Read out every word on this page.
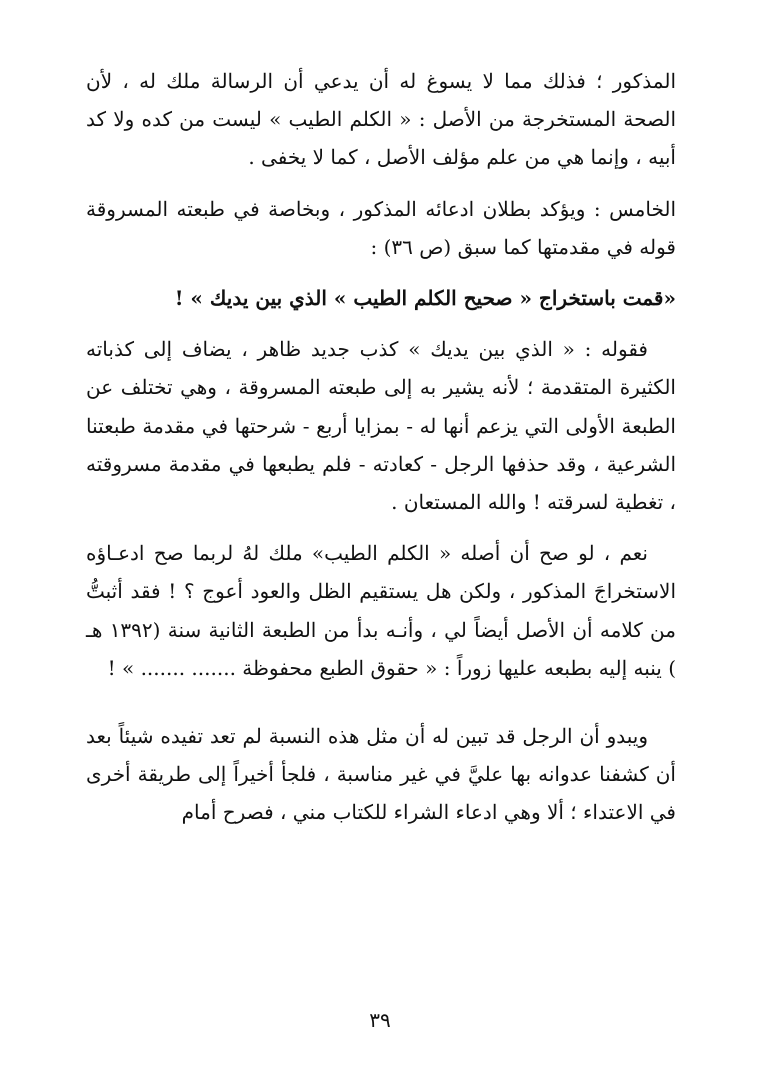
المذكور ؛ فذلك مما لا يسوغ له أن يدعي أن الرسالة ملك له ، لأن الصحة المستخرجة من الأصل : « الكلم الطيب » ليست من كده ولا كد أبيه ، وإنما هي من علم مؤلف الأصل ، كما لا يخفى .

الخامس : ويؤكد بطلان ادعائه المذكور ، وبخاصة في طبعته المسروقة قوله في مقدمتها كما سبق (ص ٣٦) :

«قمت باستخراج « صحيح الكلم الطيب » الذي بين يديك » !

فقوله : « الذي بين يديك » كذب جديد ظاهر ، يضاف إلى كذباته الكثيرة المتقدمة ؛ لأنه يشير به إلى طبعته المسروقة ، وهي تختلف عن الطبعة الأولى التي يزعم أنها له - بمزايا أربع - شرحتها في مقدمة طبعتنا الشرعية ، وقد حذفها الرجل - كعادته - فلم يطبعها في مقدمة مسروقته ، تغطية لسرقته ! والله المستعان .

نعم ، لو صح أن أصله « الكلم الطيب» ملك لهُ لربما صح ادعـاؤه الاستخراجَ المذكور ، ولكن هل يستقيم الظل والعود أعوج ؟ ! فقد أثبتُّ من كلامه أن الأصل أيضاً لي ، وأنـه بدأ من الطبعة الثانية سنة (١٣٩٢ هـ ) ينبه إليه بطبعه عليها زوراً : « حقوق الطبع محفوظة ....... ....... » !

ويبدو أن الرجل قد تبين له أن مثل هذه النسبة لم تعد تفيده شيئاً بعد أن كشفنا عدوانه بها عليَّ في غير مناسبة ، فلجأ أخيراً إلى طريقة أخرى في الاعتداء ؛ ألا وهي ادعاء الشراء للكتاب مني ، فصرح أمام

٣٩
